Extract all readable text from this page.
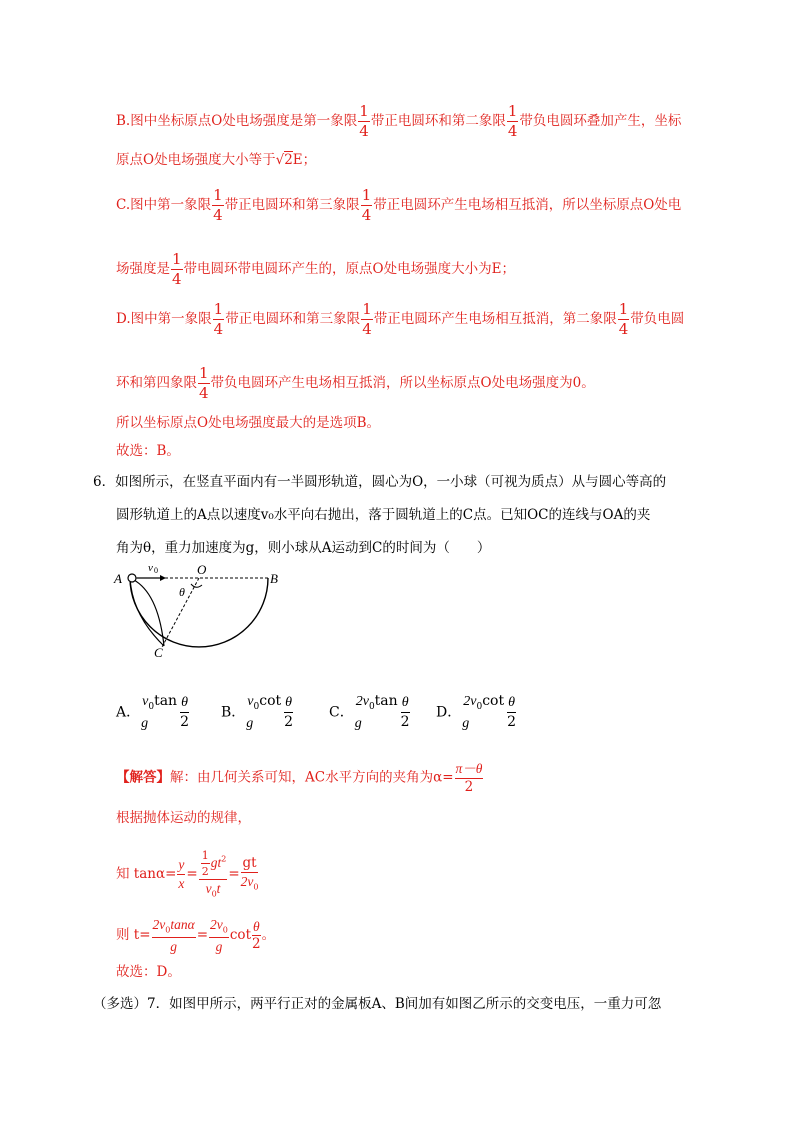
B.图中坐标原点O处电场强度是第一象限 $\frac{1}{4}$ 带正电圆环和第二象限 $\frac{1}{4}$ 带负电圆环叠加产生，坐标
原点O处电场强度大小等于√2E；
C.图中第一象限 $\frac{1}{4}$ 带正电圆环和第三象限 $\frac{1}{4}$ 带正电圆环产生电场相互抵消，所以坐标原点O处电
场强度是 $\frac{1}{4}$ 带电圆环带电圆环产生的，原点O处电场强度大小为E；
D.图中第一象限 $\frac{1}{4}$ 带正电圆环和第三象限 $\frac{1}{4}$ 带正电圆环产生电场相互抵消，第二象限 $\frac{1}{4}$ 带负电圆
环和第四象限 $\frac{1}{4}$ 带负电圆环产生电场相互抵消，所以坐标原点O处电场强度为0。
所以坐标原点O处电场强度最大的是选项B。
故选：B。
6．如图所示，在竖直平面内有一半圆形轨道，圆心为O，一小球（可视为质点）从与圆心等高的
圆形轨道上的A点以速度v₀水平向右抛出，落于圆轨道上的C点。已知OC的连线与OA的夹
角为θ，重力加速度为g，则小球从A运动到C的时间为（　　）
A	B
C
O
θ
v 0
A．
$v_0\tan$
g	$\frac{\theta}{2}$ B．
$v_0\cot$
g	$\frac{\theta}{2}$	C．
$2v_0\tan$
g	$\frac{\theta}{2}$ D．
$2v_0\cot$
g	$\frac{\theta}{2}$
【解答】解：由几何关系可知，AC水平方向的夹角为$\alpha= \frac{\pi-\theta}{2}$
根据抛体运动的规律，
知 $\tan\alpha= \frac{y}{x} = \frac{\frac{1}{2} gt^2}{v_0t} = \frac{gt}{2v_0}$
则 $t= \frac{2v_0\tan\alpha}{g} = \frac{2v_0}{g}$ $\cot \frac{\theta}{2}$ 。
故选：D。
（多选）7．如图甲所示，两平行正对的金属板A、B间加有如图乙所示的交变电压，一重力可忽
